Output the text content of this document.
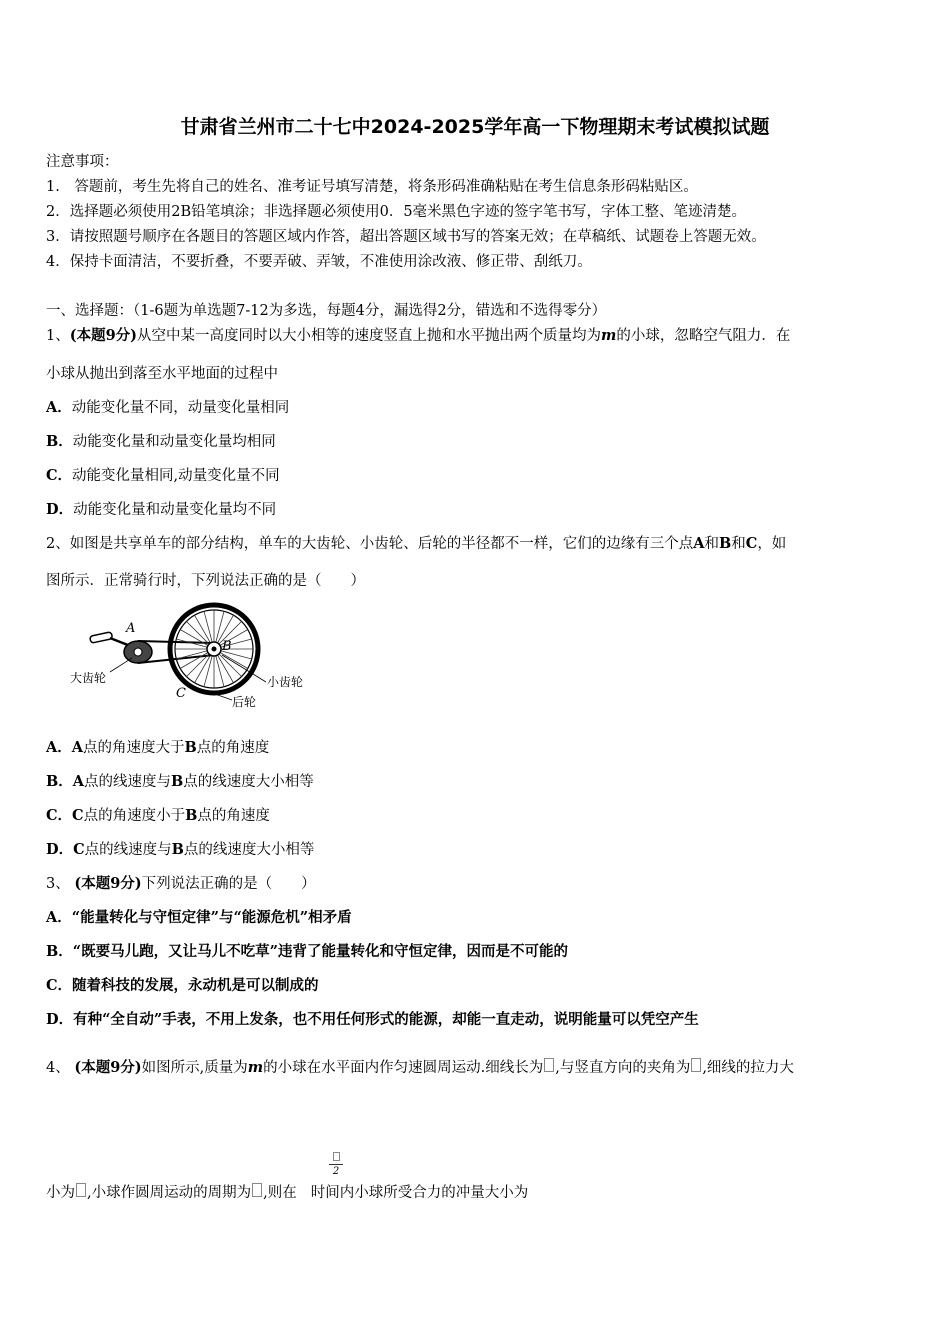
甘肃省兰州市二十七中2024-2025学年高一下物理期末考试模拟试题
注意事项：
1.　答题前，考生先将自己的姓名、准考证号填写清楚，将条形码准确粘贴在考生信息条形码粘贴区。
2．选择题必须使用2B铅笔填涂；非选择题必须使用0．5毫米黑色字迹的签字笔书写，字体工整、笔迹清楚。
3．请按照题号顺序在各题目的答题区域内作答，超出答题区域书写的答案无效；在草稿纸、试题卷上答题无效。
4．保持卡面清洁，不要折叠，不要弄破、弄皱，不准使用涂改液、修正带、刮纸刀。
一、选择题：（1-6题为单选题7-12为多选，每题4分，漏选得2分，错选和不选得零分）
1、(本题9分)从空中某一高度同时以大小相等的速度竖直上抛和水平抛出两个质量均为m的小球，忽略空气阻力．在
小球从抛出到落至水平地面的过程中
A．动能变化量不同，动量变化量相同
B．动能变化量和动量变化量均相同
C．动能变化量相同,动量变化量不同
D．动能变化量和动量变化量均不同
2、如图是共享单车的部分结构，单车的大齿轮、小齿轮、后轮的半径都不一样，它们的边缘有三个点A和B和C，如
图所示．正常骑行时，下列说法正确的是（　　）
A
B
C
大齿轮	小齿轮
后轮
A．A点的角速度大于B点的角速度
B．A点的线速度与B点的线速度大小相等
C．C点的角速度小于B点的角速度
D．C点的线速度与B点的线速度大小相等
3、 (本题9分)下列说法正确的是（　　）
A．“能量转化与守恒定律”与“能源危机”相矛盾
B．“既要马儿跑，又让马儿不吃草”违背了能量转化和守恒定律，因而是不可能的
C．随着科技的发展，永动机是可以制成的
D．有种“全自动”手表，不用上发条，也不用任何形式的能源，却能一直走动，说明能量可以凭空产生
4、 (本题9分)如图所示,质量为m的小球在水平面内作匀速圆周运动.细线长为 ,与竖直方向的夹角为 ,细线的拉力大
2
小为 ,小球作圆周运动的周期为 ,则在 时间内小球所受合力的冲量大小为
